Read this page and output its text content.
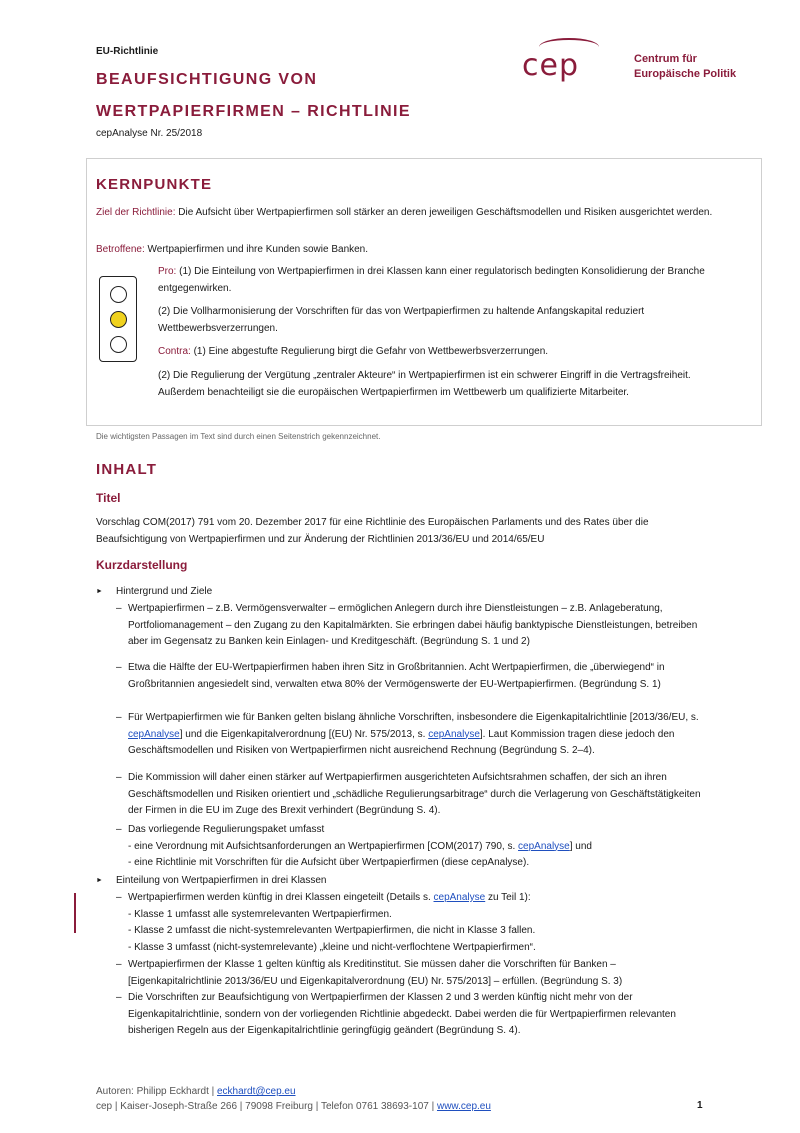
EU-Richtlinie
BEAUFSICHTIGUNG VON
WERTPAPIERFIRMEN – RICHTLINIE
cepAnalyse Nr. 25/2018
cep	Centrum für
Europäische Politik
KERNPUNKTE
Ziel der Richtlinie: Die Aufsicht über Wertpapierfirmen soll stärker an deren jeweiligen Geschäftsmodellen und Risiken ausgerichtet werden.
Betroffene: Wertpapierfirmen und ihre Kunden sowie Banken.
Pro: (1) Die Einteilung von Wertpapierfirmen in drei Klassen kann einer regulatorisch bedingten Konsolidierung der Branche entgegenwirken.
(2) Die Vollharmonisierung der Vorschriften für das von Wertpapierfirmen zu haltende Anfangskapital reduziert Wettbewerbsverzerrungen.
Contra: (1) Eine abgestufte Regulierung birgt die Gefahr von Wettbewerbsverzerrungen.
(2) Die Regulierung der Vergütung „zentraler Akteure“ in Wertpapierfirmen ist ein schwerer Eingriff in die Vertragsfreiheit. Außerdem benachteiligt sie die europäischen Wertpapierfirmen im Wettbewerb um qualifizierte Mitarbeiter.
Die wichtigsten Passagen im Text sind durch einen Seitenstrich gekennzeichnet.
INHALT
Titel
Vorschlag COM(2017) 791 vom 20. Dezember 2017 für eine Richtlinie des Europäischen Parlaments und des Rates über die Beaufsichtigung von Wertpapierfirmen und zur Änderung der Richtlinien 2013/36/EU und 2014/65/EU
Kurzdarstellung
► Hintergrund und Ziele
– Wertpapierfirmen – z.B. Vermögensverwalter – ermöglichen Anlegern durch ihre Dienstleistungen – z.B. Anlageberatung, Portfoliomanagement – den Zugang zu den Kapitalmärkten. Sie erbringen dabei häufig banktypische Dienstleistungen, betreiben aber im Gegensatz zu Banken kein Einlagen- und Kreditgeschäft. (Begründung S. 1 und 2)
– Etwa die Hälfte der EU-Wertpapierfirmen haben ihren Sitz in Großbritannien. Acht Wertpapierfirmen, die „überwiegend“ in Großbritannien angesiedelt sind, verwalten etwa 80% der Vermögenswerte der EU-Wertpapierfirmen. (Begründung S. 1)
– Für Wertpapierfirmen wie für Banken gelten bislang ähnliche Vorschriften, insbesondere die Eigenkapitalrichtlinie [2013/36/EU, s. cepAnalyse] und die Eigenkapitalverordnung [(EU) Nr. 575/2013, s. cepAnalyse]. Laut Kommission tragen diese jedoch den Geschäftsmodellen und Risiken von Wertpapierfirmen nicht ausreichend Rechnung (Begründung S. 2–4).
– Die Kommission will daher einen stärker auf Wertpapierfirmen ausgerichteten Aufsichtsrahmen schaffen, der sich an ihren Geschäftsmodellen und Risiken orientiert und „schädliche Regulierungsarbitrage“ durch die Verlagerung von Geschäftstätigkeiten der Firmen in die EU im Zuge des Brexit verhindert (Begründung S. 4).
– Das vorliegende Regulierungspaket umfasst
- eine Verordnung mit Aufsichtsanforderungen an Wertpapierfirmen [COM(2017) 790, s. cepAnalyse] und
- eine Richtlinie mit Vorschriften für die Aufsicht über Wertpapierfirmen (diese cepAnalyse).
► Einteilung von Wertpapierfirmen in drei Klassen
– Wertpapierfirmen werden künftig in drei Klassen eingeteilt (Details s. cepAnalyse zu Teil 1):
- Klasse 1 umfasst alle systemrelevanten Wertpapierfirmen.
- Klasse 2 umfasst die nicht-systemrelevanten Wertpapierfirmen, die nicht in Klasse 3 fallen.
- Klasse 3 umfasst (nicht-systemrelevante) „kleine und nicht-verflochtene Wertpapierfirmen“.
– Wertpapierfirmen der Klasse 1 gelten künftig als Kreditinstitut. Sie müssen daher die Vorschriften für Banken – [Eigenkapitalrichtlinie 2013/36/EU und Eigenkapitalverordnung (EU) Nr. 575/2013] – erfüllen. (Begründung S. 3)
– Die Vorschriften zur Beaufsichtigung von Wertpapierfirmen der Klassen 2 und 3 werden künftig nicht mehr von der Eigenkapitalrichtlinie, sondern von der vorliegenden Richtlinie abgedeckt. Dabei werden die für Wertpapierfirmen relevanten bisherigen Regeln aus der Eigenkapitalrichtlinie geringfügig geändert (Begründung S. 4).
Autoren: Philipp Eckhardt | eckhardt@cep.eu
cep | Kaiser-Joseph-Straße 266 | 79098 Freiburg | Telefon 0761 38693-107 | www.cep.eu	1
